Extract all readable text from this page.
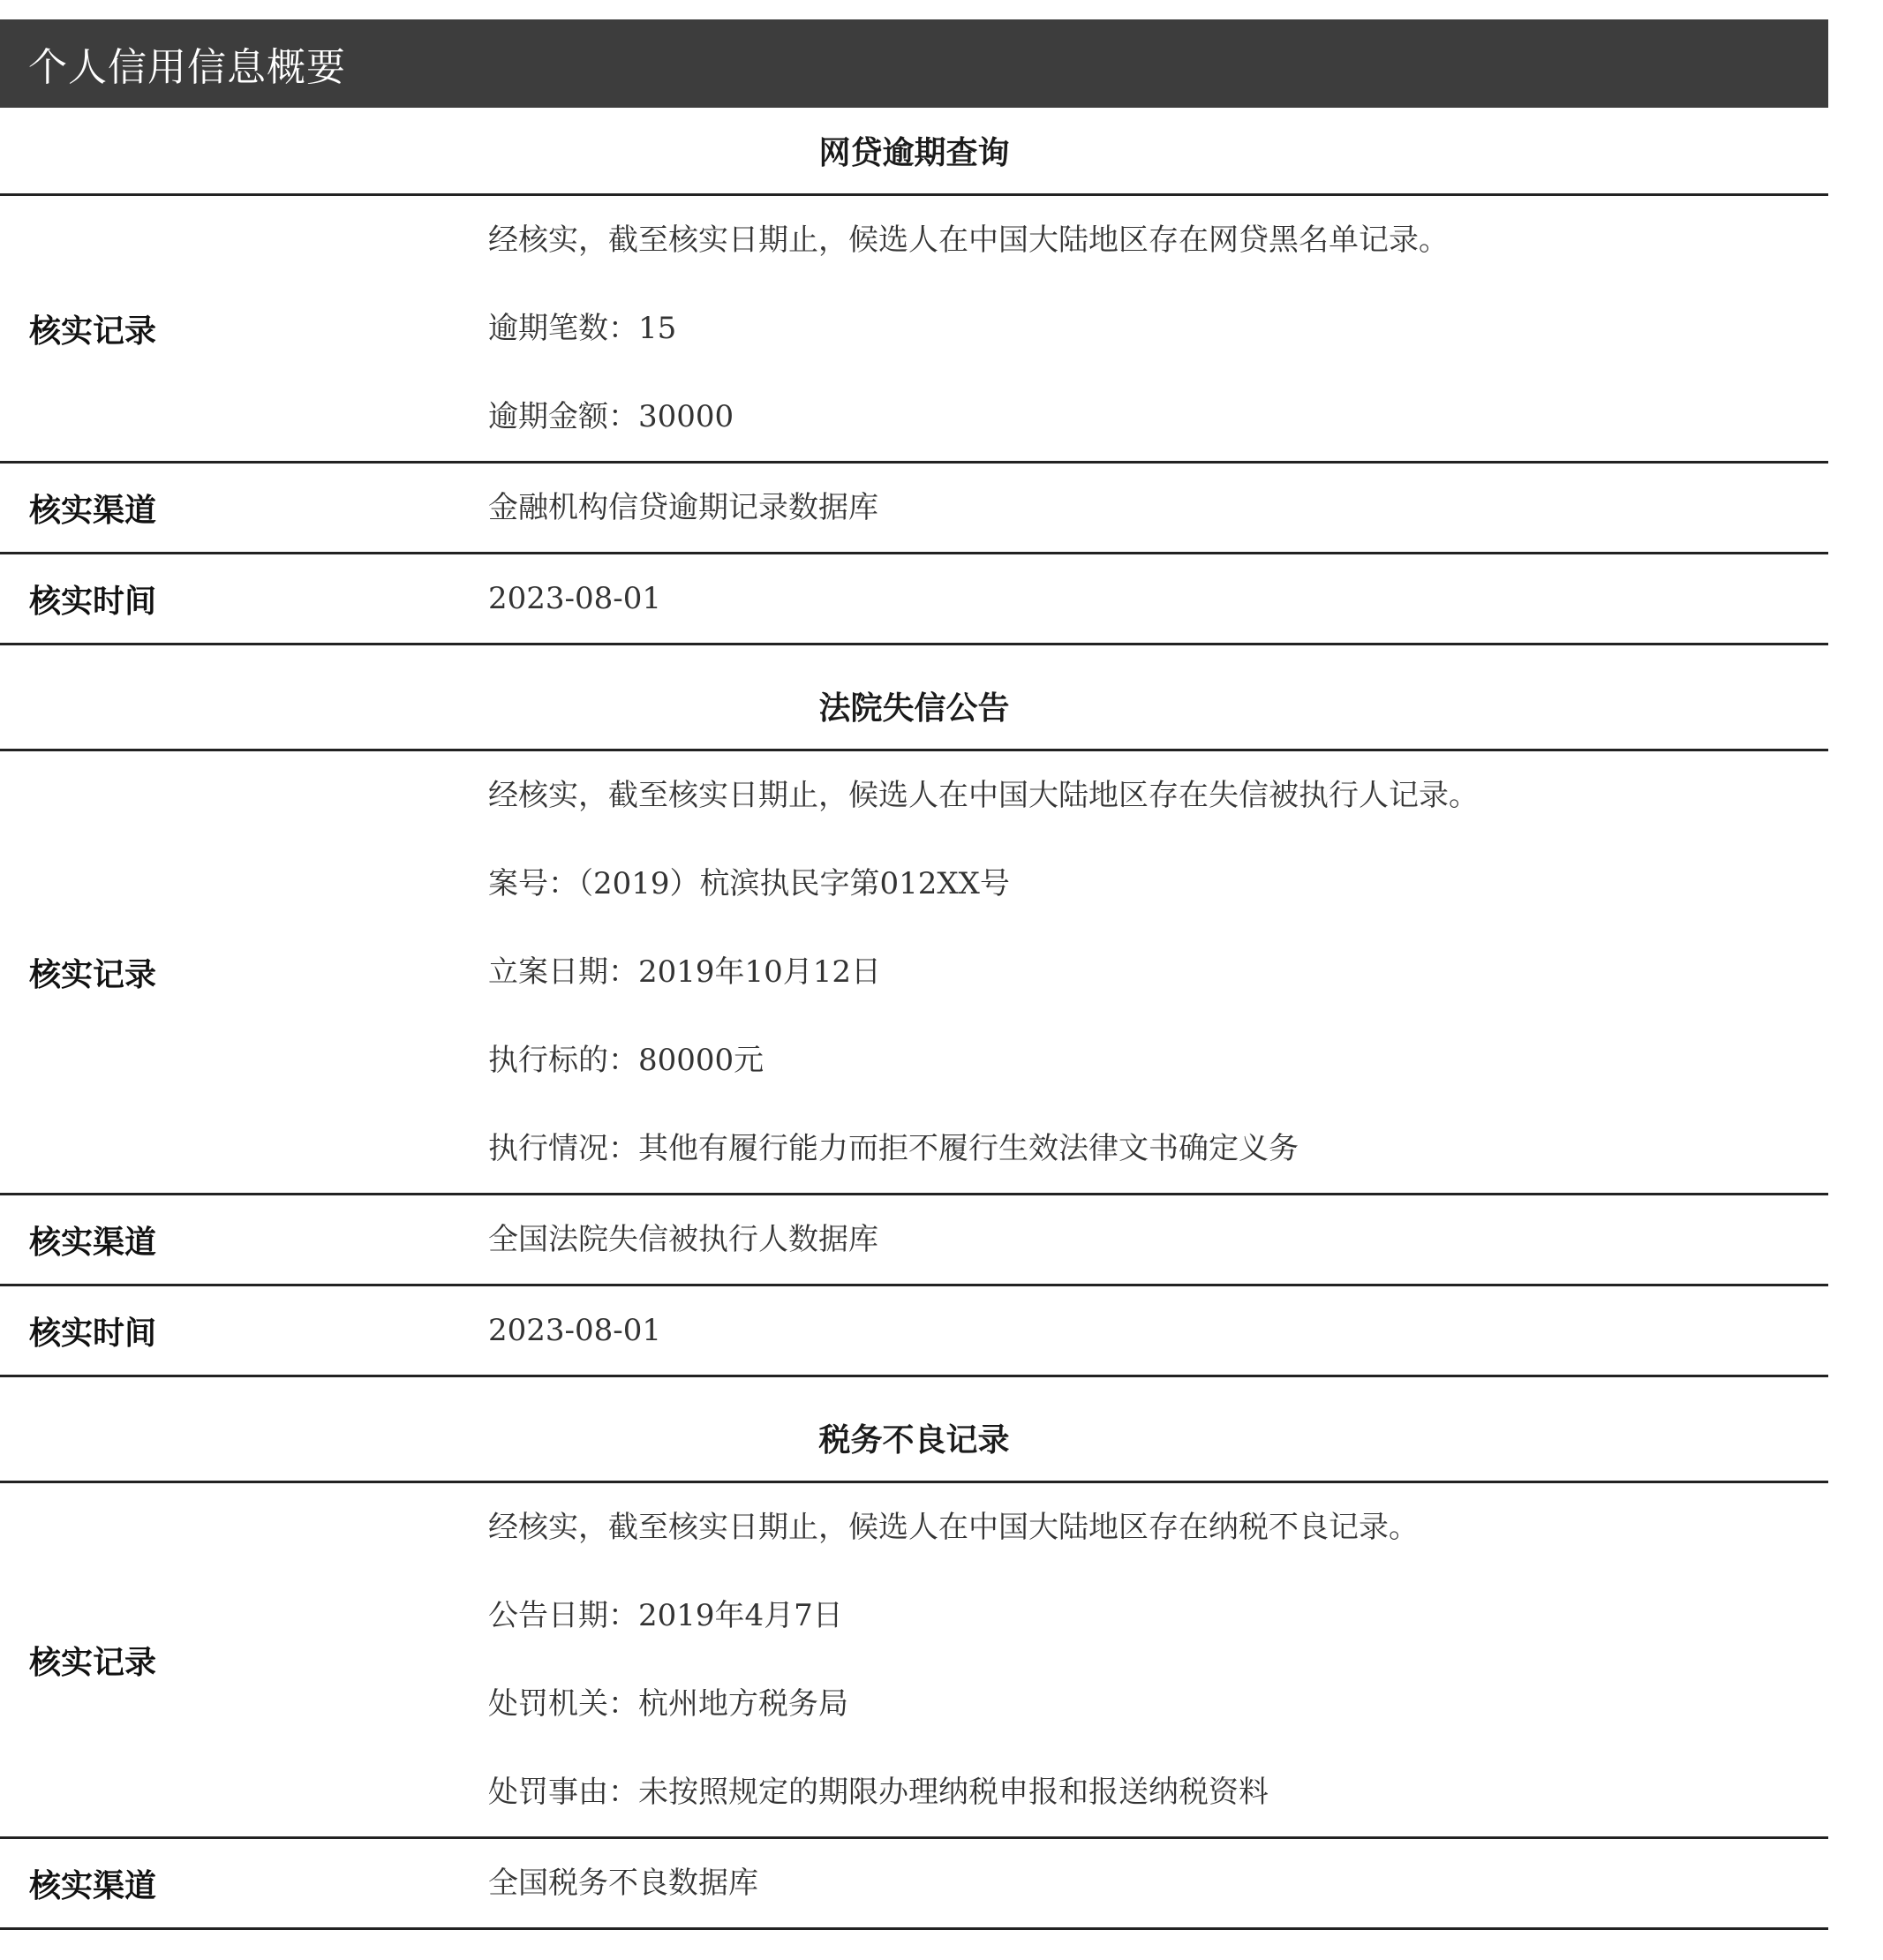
个人信用信息概要
网贷逾期查询
核实记录
经核实，截至核实日期止，候选人在中国大陆地区存在网贷黑名单记录。
逾期笔数：15
逾期金额：30000
核实渠道	金融机构信贷逾期记录数据库
核实时间	2023-08-01
法院失信公告
核实记录
经核实，截至核实日期止，候选人在中国大陆地区存在失信被执行人记录。
案号：（2019）杭滨执民字第012XX号
立案日期：2019年10月12日
执行标的：80000元
执行情况：其他有履行能力而拒不履行生效法律文书确定义务
核实渠道	全国法院失信被执行人数据库
核实时间	2023-08-01
税务不良记录
核实记录
经核实，截至核实日期止，候选人在中国大陆地区存在纳税不良记录。
公告日期：2019年4月7日
处罚机关：杭州地方税务局
处罚事由：未按照规定的期限办理纳税申报和报送纳税资料
核实渠道	全国税务不良数据库
